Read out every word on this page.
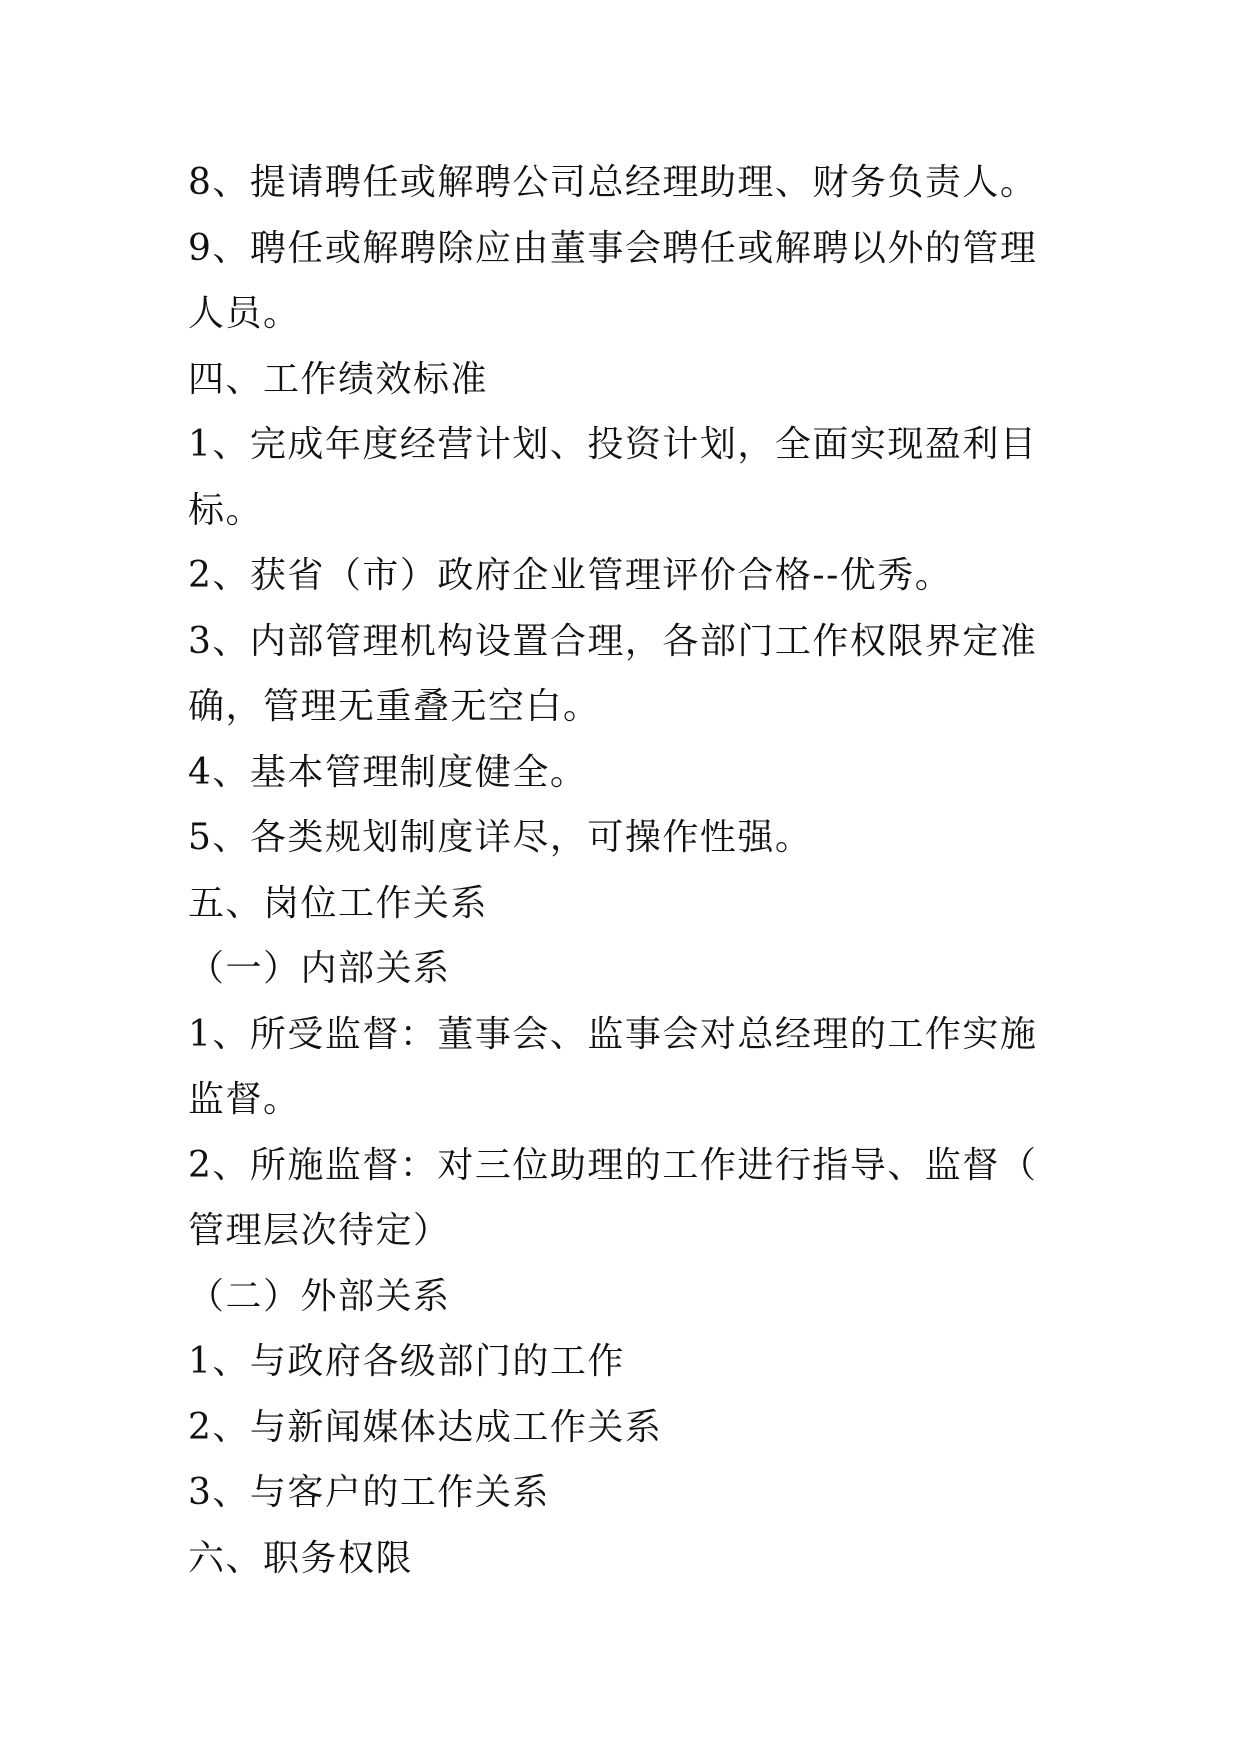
8、提请聘任或解聘公司总经理助理、财务负责人。
9、聘任或解聘除应由董事会聘任或解聘以外的管理
人员。
四、工作绩效标准
1、完成年度经营计划、投资计划，全面实现盈利目
标。
2、获省（市）政府企业管理评价合格--优秀。
3、内部管理机构设置合理，各部门工作权限界定准
确，管理无重叠无空白。
4、基本管理制度健全。
5、各类规划制度详尽，可操作性强。
五、岗位工作关系
（一）内部关系
1、所受监督：董事会、监事会对总经理的工作实施
监督。
2、所施监督：对三位助理的工作进行指导、监督（
管理层次待定）
（二）外部关系
1、与政府各级部门的工作
2、与新闻媒体达成工作关系
3、与客户的工作关系
六、职务权限
